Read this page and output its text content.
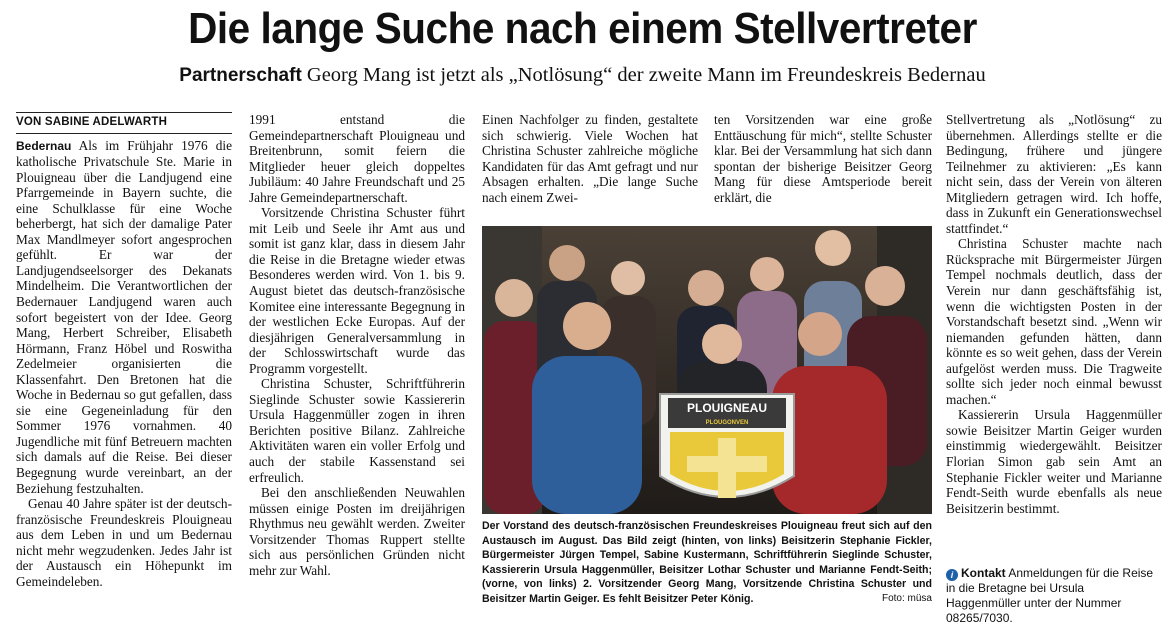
Die lange Suche nach einem Stellvertreter
Partnerschaft Georg Mang ist jetzt als „Notlösung“ der zweite Mann im Freundeskreis Bedernau
VON SABINE ADELWARTH

Bedernau Als im Frühjahr 1976 die katholische Privatschule Ste. Marie in Plouigneau über die Landjugend eine Pfarrgemeinde in Bayern suchte, die eine Schulklasse für eine Woche beherbergt, hat sich der damalige Pater Max Mandlmeyer sofort angesprochen gefühlt. Er war der Landjugendseelsorger des Dekanats Mindelheim. Die Verantwortlichen der Bedernauer Landjugend waren auch sofort begeistert von der Idee. Georg Mang, Herbert Schreiber, Elisabeth Hörmann, Franz Höbel und Roswitha Zedelmeier organisierten die Klassenfahrt. Den Bretonen hat die Woche in Bedernau so gut gefallen, dass sie eine Gegeneinladung für den Sommer 1976 vornahmen. 40 Jugendliche mit fünf Betreuern machten sich damals auf die Reise. Bei dieser Begegnung wurde vereinbart, an der Beziehung festzuhalten.

Genau 40 Jahre später ist der deutsch-französische Freundeskreis Plouigneau aus dem Leben in und um Bedernau nicht mehr wegzudenken. Jedes Jahr ist der Austausch ein Höhepunkt im Gemeindeleben.

1991 entstand die Gemeindepartnerschaft Plouigneau und Breitenbrunn, somit feiern die Mitglieder heuer gleich doppeltes Jubiläum: 40 Jahre Freundschaft und 25 Jahre Gemeindepartnerschaft.

Vorsitzende Christina Schuster führt mit Leib und Seele ihr Amt aus und somit ist ganz klar, dass in diesem Jahr die Reise in die Bretagne wieder etwas Besonderes werden wird. Von 1. bis 9. August bietet das deutsch-französische Komitee eine interessante Begegnung in der westlichen Ecke Europas. Auf der diesjährigen Generalversammlung in der Schlosswirtschaft wurde das Programm vorgestellt.

Christina Schuster, Schriftführerin Sieglinde Schuster sowie Kassiererin Ursula Haggenmüller zogen in ihren Berichten positive Bilanz. Zahlreiche Aktivitäten waren ein voller Erfolg und auch der stabile Kassenstand sei erfreulich.

Bei den anschließenden Neuwahlen müssen einige Posten im dreijährigen Rhythmus neu gewählt werden. Zweiter Vorsitzender Thomas Ruppert stellte sich aus persönlichen Gründen nicht mehr zur Wahl.

Einen Nachfolger zu finden, gestaltete sich schwierig. Viele Wochen hat Christina Schuster zahlreiche mögliche Kandidaten für das Amt gefragt und nur Absagen erhalten. „Die lange Suche nach einem Zwei-

ten Vorsitzenden war eine große Enttäuschung für mich“, stellte Schuster klar. Bei der Versammlung hat sich dann spontan der bisherige Beisitzer Georg Mang für diese Amtsperiode bereit erklärt, die

Stellvertretung als „Notlösung“ zu übernehmen. Allerdings stellte er die Bedingung, frühere und jüngere Teilnehmer zu aktivieren: „Es kann nicht sein, dass der Verein von älteren Mitgliedern getragen wird. Ich hoffe, dass in Zukunft ein Generationswechsel stattfindet.“

Christina Schuster machte nach Rücksprache mit Bürgermeister Jürgen Tempel nochmals deutlich, dass der Verein nur dann geschäftsfähig ist, wenn die wichtigsten Posten in der Vorstandschaft besetzt sind. „Wenn wir niemanden gefunden hätten, dann könnte es so weit gehen, dass der Verein aufgelöst werden muss. Die Tragweite sollte sich jeder noch einmal bewusst machen.“

Kassiererin Ursula Haggenmüller sowie Beisitzer Martin Geiger wurden einstimmig wiedergewählt. Beisitzer Florian Simon gab sein Amt an Stephanie Fickler weiter und Marianne Fendt-Seith wurde ebenfalls als neue Beisitzerin bestimmt.

PLOUIGNEAU
PLOUGONVEN
Der Vorstand des deutsch-französischen Freundeskreises Plouigneau freut sich auf den Austausch im August. Das Bild zeigt (hinten, von links) Beisitzerin Stephanie Fickler, Bürgermeister Jürgen Tempel, Sabine Kustermann, Schriftführerin Sieglinde Schuster, Kassiererin Ursula Haggenmüller, Beisitzer Lothar Schuster und Marianne Fendt-Seith; (vorne, von links) 2. Vorsitzender Georg Mang, Vorsitzende Christina Schuster und Beisitzer Martin Geiger. Es fehlt Beisitzer Peter König.	Foto: müsa
i Kontakt Anmeldungen für die Reise in die Bretagne bei Ursula Haggenmüller unter der Nummer 08265/7030.
